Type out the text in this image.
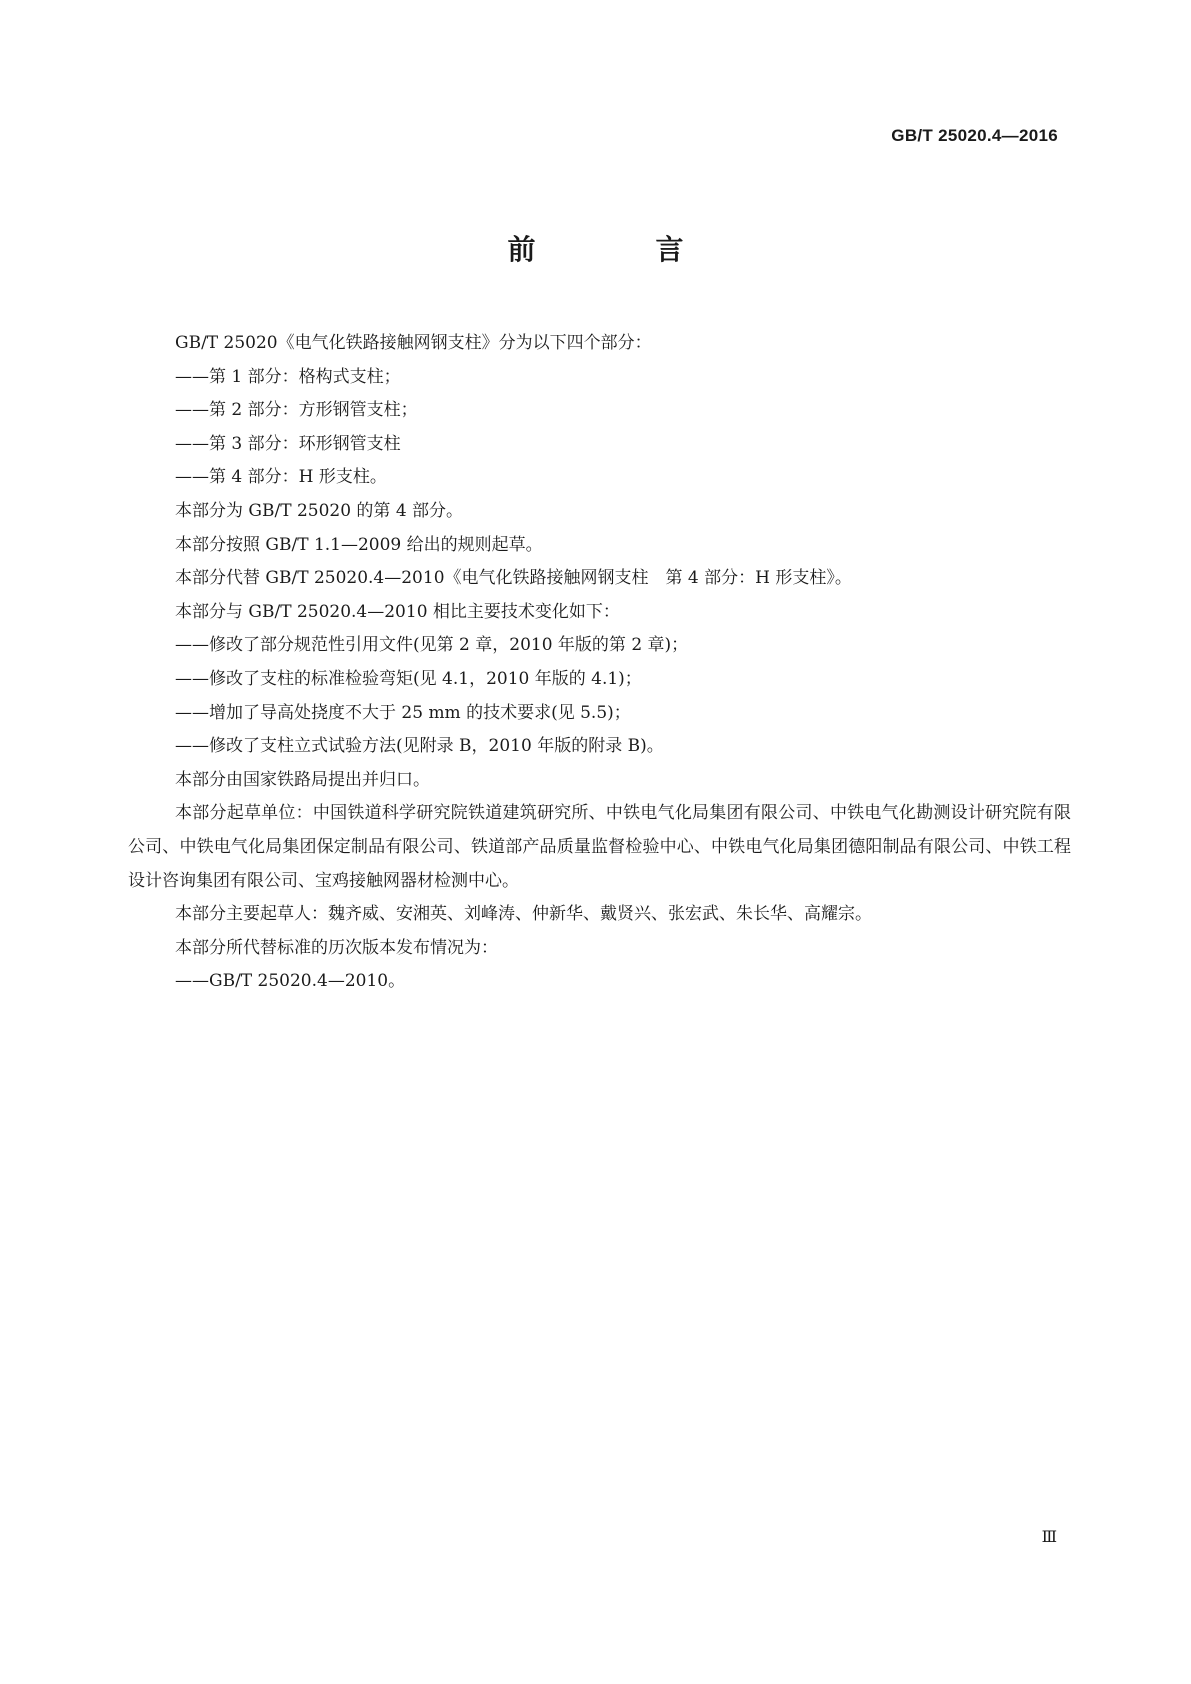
GB/T 25020.4—2016
前　言

GB/T 25020《电气化铁路接触网钢支柱》分为以下四个部分：

——第 1 部分：格构式支柱；

——第 2 部分：方形钢管支柱；

——第 3 部分：环形钢管支柱

——第 4 部分：H 形支柱。

本部分为 GB/T 25020 的第 4 部分。

本部分按照 GB/T 1.1—2009 给出的规则起草。

本部分代替 GB/T 25020.4—2010《电气化铁路接触网钢支柱　第 4 部分：H 形支柱》。

本部分与 GB/T 25020.4—2010 相比主要技术变化如下：

——修改了部分规范性引用文件(见第 2 章，2010 年版的第 2 章)；

——修改了支柱的标准检验弯矩(见 4.1，2010 年版的 4.1)；

——增加了导高处挠度不大于 25 mm 的技术要求(见 5.5)；

——修改了支柱立式试验方法(见附录 B，2010 年版的附录 B)。

本部分由国家铁路局提出并归口。

本部分起草单位：中国铁道科学研究院铁道建筑研究所、中铁电气化局集团有限公司、中铁电气化勘测设计研究院有限公司、中铁电气化局集团保定制品有限公司、铁道部产品质量监督检验中心、中铁电气化局集团德阳制品有限公司、中铁工程设计咨询集团有限公司、宝鸡接触网器材检测中心。

本部分主要起草人：魏齐威、安湘英、刘峰涛、仲新华、戴贤兴、张宏武、朱长华、高耀宗。

本部分所代替标准的历次版本发布情况为：

——GB/T 25020.4—2010。

Ⅲ
